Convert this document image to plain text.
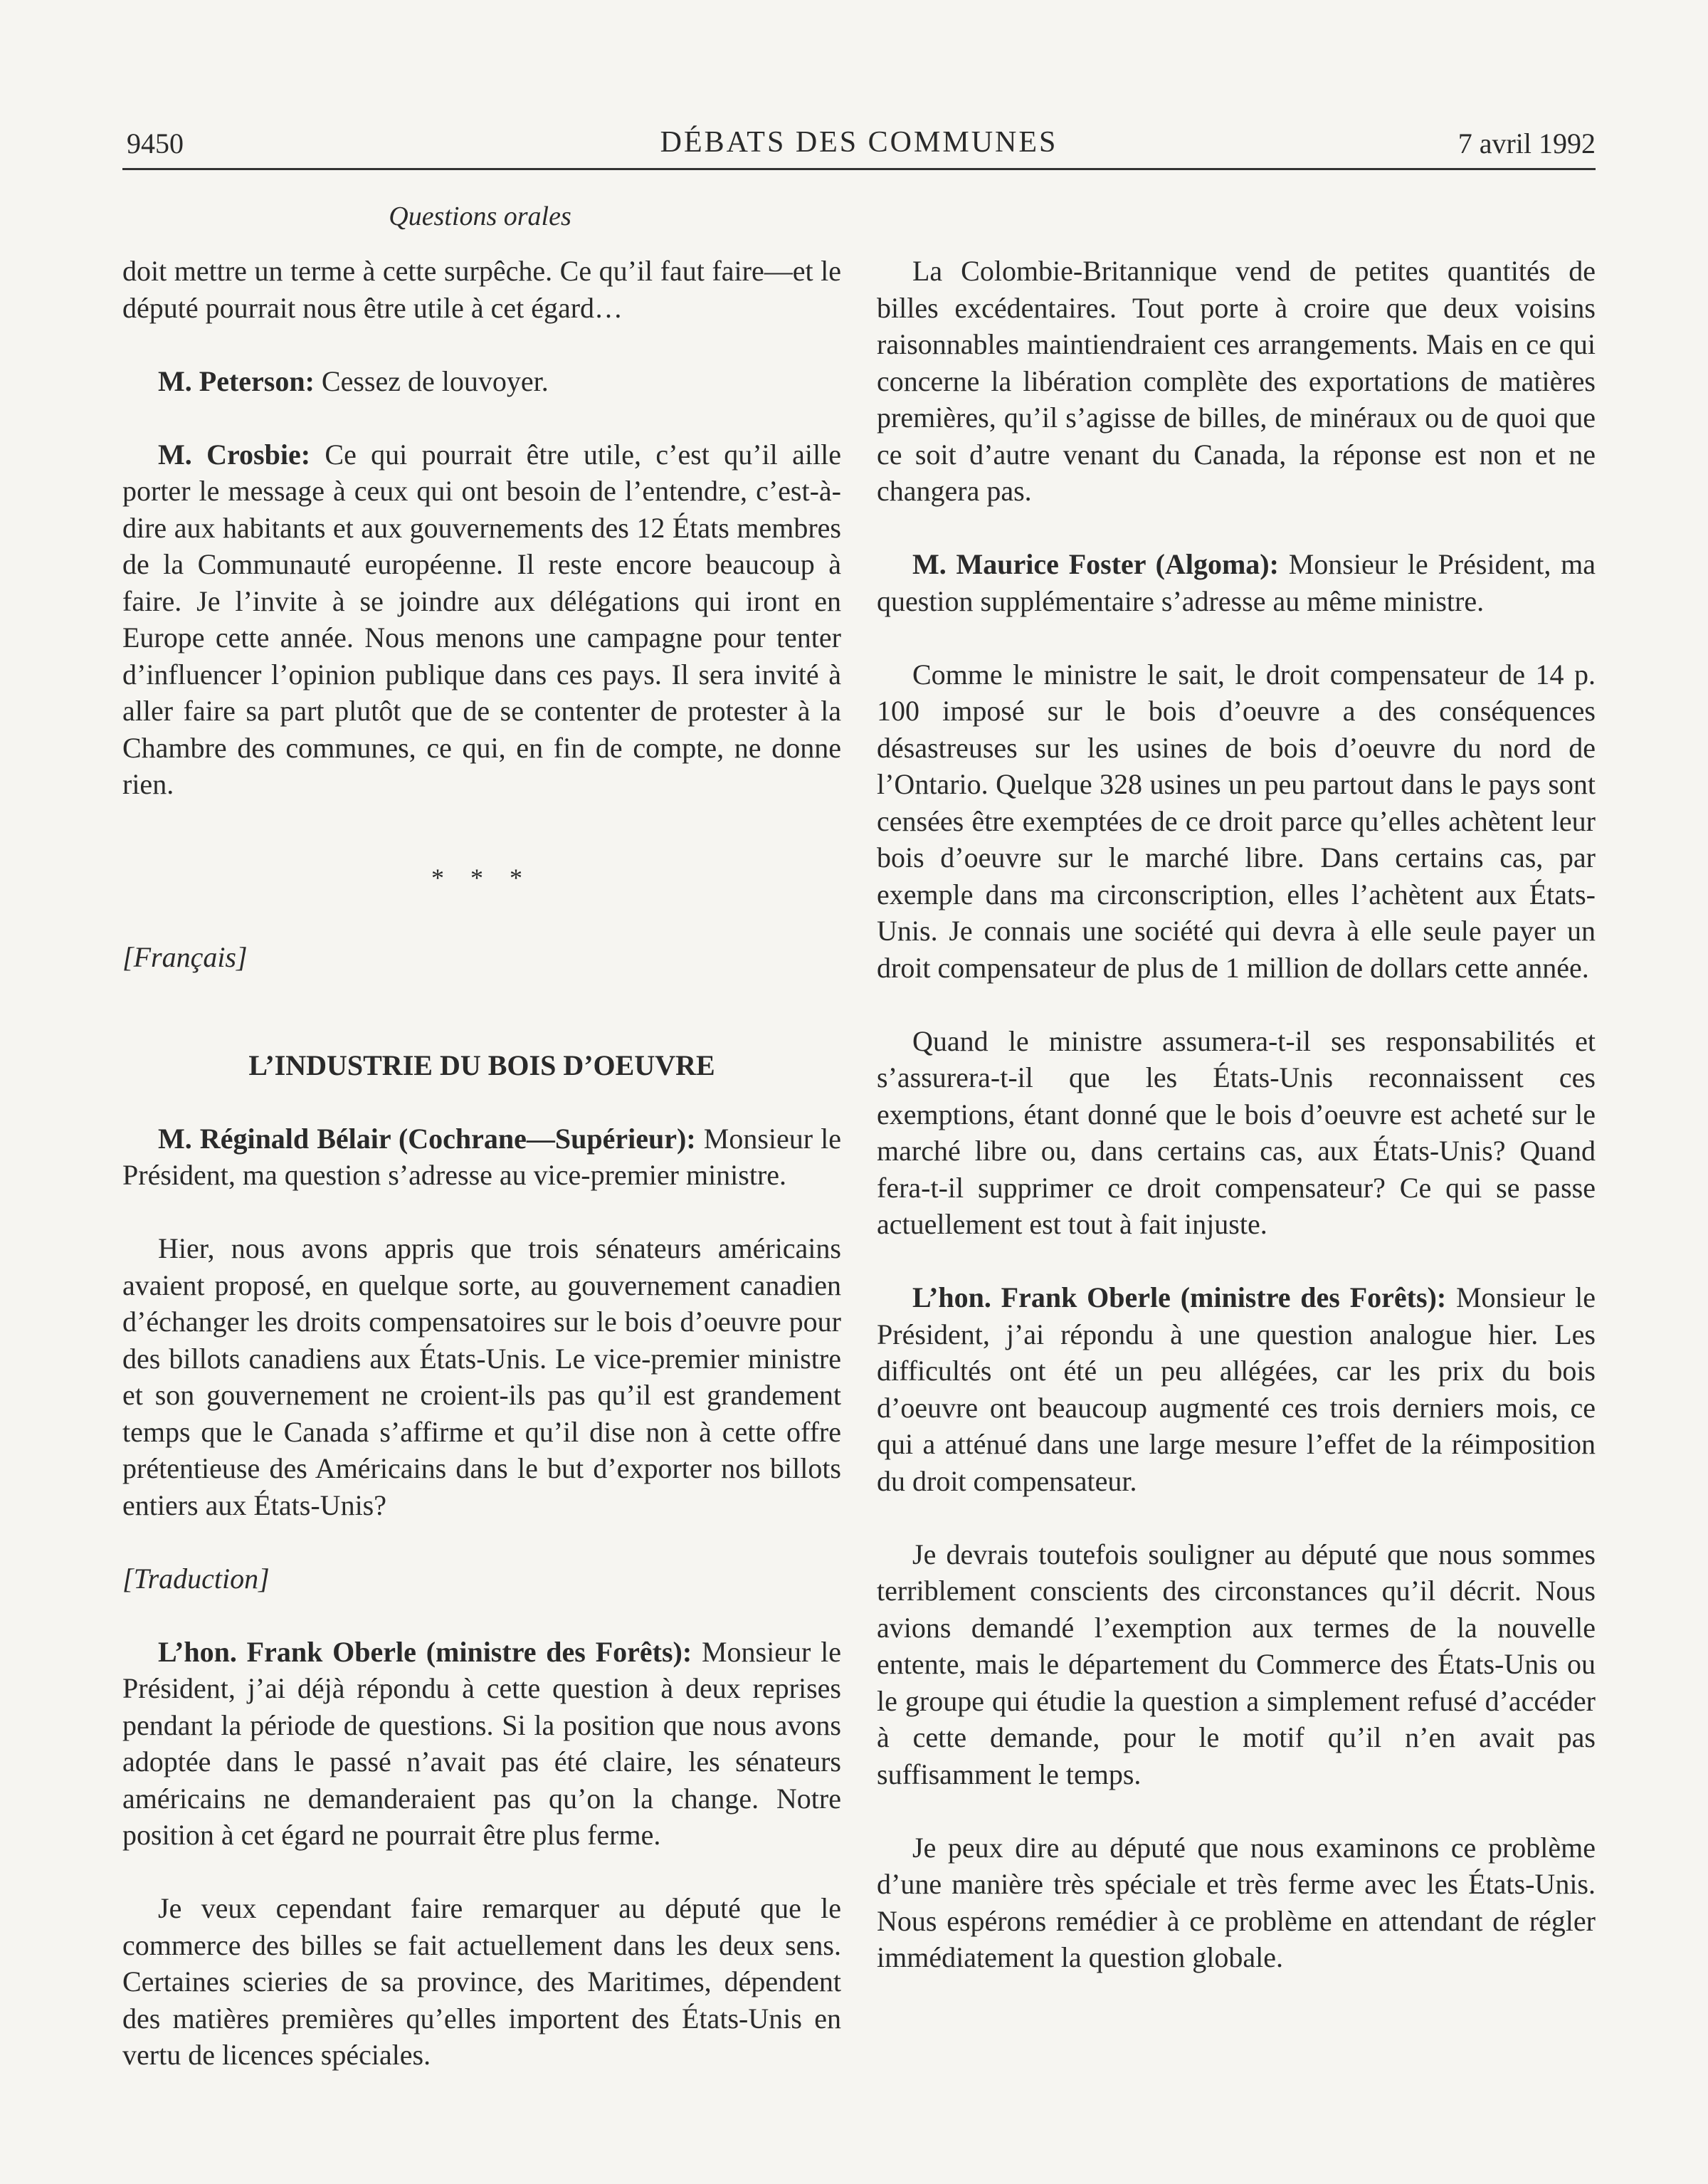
9450	DÉBATS DES COMMUNES	7 avril 1992
Questions orales

doit mettre un terme à cette surpêche. Ce qu’il faut faire—et le député pourrait nous être utile à cet égard…

M. Peterson: Cessez de louvoyer.

M. Crosbie: Ce qui pourrait être utile, c’est qu’il aille porter le message à ceux qui ont besoin de l’entendre, c’est-à-dire aux habitants et aux gouvernements des 12 États membres de la Communauté européenne. Il reste encore beaucoup à faire. Je l’invite à se joindre aux délégations qui iront en Europe cette année. Nous menons une campagne pour tenter d’influencer l’opinion publique dans ces pays. Il sera invité à aller faire sa part plutôt que de se contenter de protester à la Chambre des communes, ce qui, en fin de compte, ne donne rien.

* * *

[Français]

L’INDUSTRIE DU BOIS D’OEUVRE

M. Réginald Bélair (Cochrane—Supérieur): Monsieur le Président, ma question s’adresse au vice-premier ministre.

Hier, nous avons appris que trois sénateurs américains avaient proposé, en quelque sorte, au gouvernement canadien d’échanger les droits compensatoires sur le bois d’oeuvre pour des billots canadiens aux États-Unis. Le vice-premier ministre et son gouvernement ne croient-ils pas qu’il est grandement temps que le Canada s’affirme et qu’il dise non à cette offre prétentieuse des Américains dans le but d’exporter nos billots entiers aux États-Unis?

[Traduction]

L’hon. Frank Oberle (ministre des Forêts): Monsieur le Président, j’ai déjà répondu à cette question à deux reprises pendant la période de questions. Si la position que nous avons adoptée dans le passé n’avait pas été claire, les sénateurs américains ne demanderaient pas qu’on la change. Notre position à cet égard ne pourrait être plus ferme.

Je veux cependant faire remarquer au député que le commerce des billes se fait actuellement dans les deux sens. Certaines scieries de sa province, des Maritimes, dépendent des matières premières qu’elles importent des États-Unis en vertu de licences spéciales.

La Colombie-Britannique vend de petites quantités de billes excédentaires. Tout porte à croire que deux voisins raisonnables maintiendraient ces arrangements. Mais en ce qui concerne la libération complète des exportations de matières premières, qu’il s’agisse de billes, de minéraux ou de quoi que ce soit d’autre venant du Canada, la réponse est non et ne changera pas.

M. Maurice Foster (Algoma): Monsieur le Président, ma question supplémentaire s’adresse au même ministre.

Comme le ministre le sait, le droit compensateur de 14 p. 100 imposé sur le bois d’oeuvre a des conséquences désastreuses sur les usines de bois d’oeuvre du nord de l’Ontario. Quelque 328 usines un peu partout dans le pays sont censées être exemptées de ce droit parce qu’elles achètent leur bois d’oeuvre sur le marché libre. Dans certains cas, par exemple dans ma circonscription, elles l’achètent aux États-Unis. Je connais une société qui devra à elle seule payer un droit compensateur de plus de 1 million de dollars cette année.

Quand le ministre assumera-t-il ses responsabilités et s’assurera-t-il que les États-Unis reconnaissent ces exemptions, étant donné que le bois d’oeuvre est acheté sur le marché libre ou, dans certains cas, aux États-Unis? Quand fera-t-il supprimer ce droit compensateur? Ce qui se passe actuellement est tout à fait injuste.

L’hon. Frank Oberle (ministre des Forêts): Monsieur le Président, j’ai répondu à une question analogue hier. Les difficultés ont été un peu allégées, car les prix du bois d’oeuvre ont beaucoup augmenté ces trois derniers mois, ce qui a atténué dans une large mesure l’effet de la réimposition du droit compensateur.

Je devrais toutefois souligner au député que nous sommes terriblement conscients des circonstances qu’il décrit. Nous avions demandé l’exemption aux termes de la nouvelle entente, mais le département du Commerce des États-Unis ou le groupe qui étudie la question a simplement refusé d’accéder à cette demande, pour le motif qu’il n’en avait pas suffisamment le temps.

Je peux dire au député que nous examinons ce problème d’une manière très spéciale et très ferme avec les États-Unis. Nous espérons remédier à ce problème en attendant de régler immédiatement la question globale.
